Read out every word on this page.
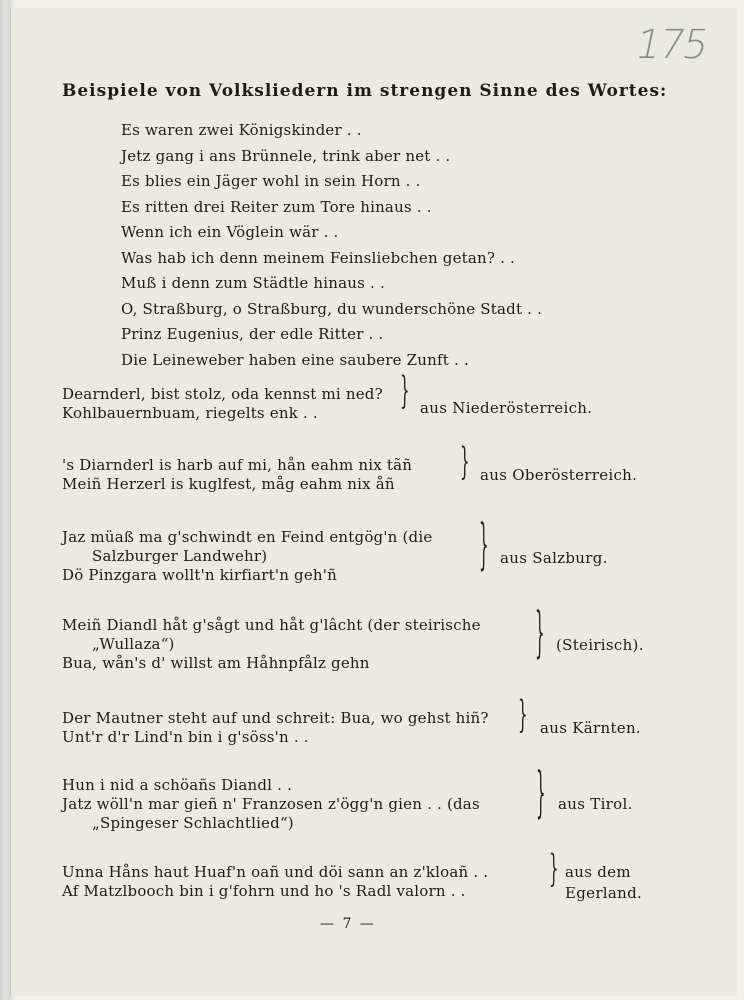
175
Beispiele von Volksliedern im strengen Sinne des Wortes:
Es waren zwei Königskinder . .
Jetz gang i ans Brünnele, trink aber net . .
Es blies ein Jäger wohl in sein Horn . .
Es ritten drei Reiter zum Tore hinaus . .
Wenn ich ein Vöglein wär . .
Was hab ich denn meinem Feinsliebchen getan? . .
Muß i denn zum Städtle hinaus . .
O, Straßburg, o Straßburg, du wunderschöne Stadt . .
Prinz Eugenius, der edle Ritter . .
Die Leineweber haben eine saubere Zunft . .
Dearnderl, bist stolz, oda kennst mi ned?
Kohlbauernbuam, riegelts enk . .
} aus Niederösterreich.
's Diarnderl is harb auf mi, hån eahm nix tãñ
Meiñ Herzerl is kuglfest, måg eahm nix åñ
} aus Oberösterreich.
Jaz müaß ma g'schwindt en Feind entgög'n (die
Salzburger Landwehr)
Dö Pinzgara wollt'n kirfiart'n geh'ñ	} aus Salzburg.
Meiñ Diandl håt g'sågt und håt g'lâcht (der steirische
„Wullaza“)
Bua, wån's d' willst am Håhnpfålz gehn	} (Steirisch).
Der Mautner steht auf und schreit: Bua, wo gehst hiñ?
Unt'r d'r Lind'n bin i g'söss'n . .
} aus Kärnten.
Hun i nid a schöañs Diandl . .
Jatz wöll'n mar gieñ n' Franzosen z'ögg'n gien . . (das
„Spingeser Schlachtlied“)	} aus Tirol.
Unna Håns haut Huaf'n oañ und döi sann an z'kloañ . .
Af Matzlbooch bin i g'fohrn und ho 's Radl valorn . .
} aus dem
Egerland.
— 7 —
